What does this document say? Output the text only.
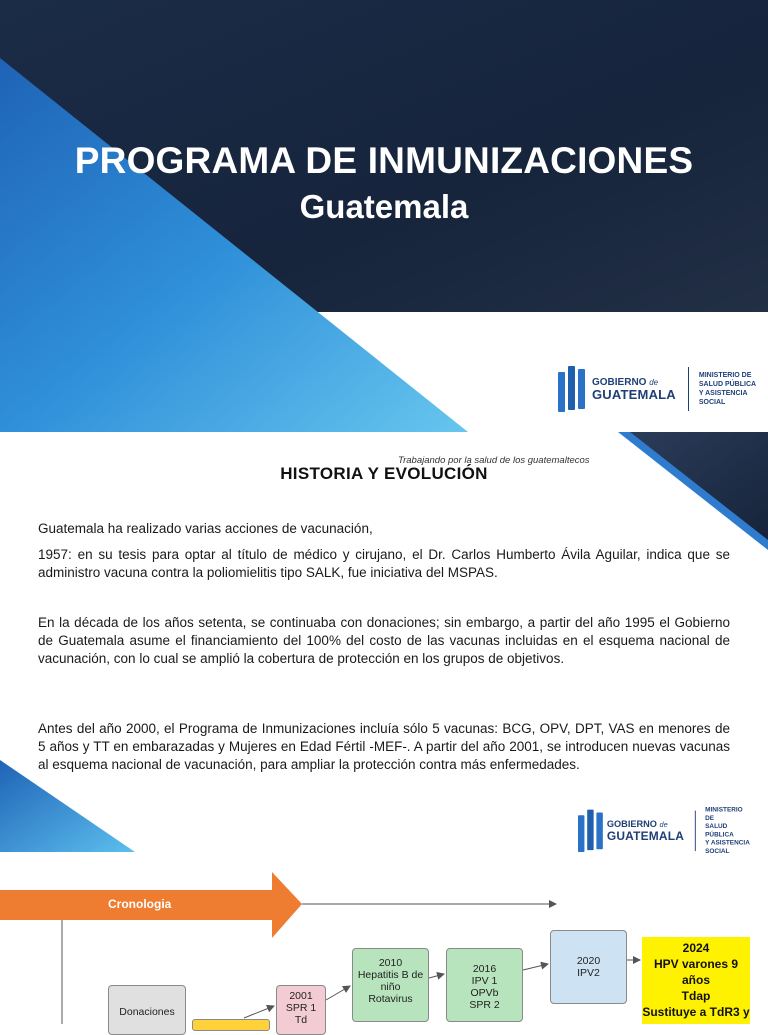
PROGRAMA DE INMUNIZACIONES
Guatemala
GOBIERNO de
GUATEMALA
MINISTERIO DE
SALUD PÚBLICA
Y ASISTENCIA
SOCIAL
Trabajando por la salud de los guatemaltecos
HISTORIA Y EVOLUCIÓN
Guatemala ha realizado varias acciones de vacunación,
1957: en su tesis para optar al título de médico y cirujano, el Dr. Carlos Humberto Ávila Aguilar, indica que se administro vacuna contra la poliomielitis tipo SALK, fue iniciativa del MSPAS.
En la década de los años setenta, se continuaba con donaciones; sin embargo, a partir del año 1995 el Gobierno de Guatemala asume el financiamiento del 100% del costo de las vacunas incluidas en el esquema nacional de vacunación, con lo cual se amplió la cobertura de protección en los grupos de objetivos.
Antes del año 2000, el Programa de Inmunizaciones incluía sólo 5 vacunas: BCG, OPV, DPT, VAS en menores de 5 años y TT en embarazadas y Mujeres en Edad Fértil -MEF-. A partir del año 2001, se introducen nuevas vacunas al esquema nacional de vacunación, para ampliar la protección contra más enfermedades.
GOBIERNO de
GUATEMALA
MINISTERIO DE
SALUD PÚBLICA
Y ASISTENCIA
SOCIAL
Cronologia
Donaciones
2001
SPR 1
Td
2010
Hepatitis B de
niño
Rotavirus
2016
IPV 1
OPVb
SPR 2
2020
IPV2
2024
HPV varones 9
años
Tdap
Sustituye a TdR3 y
